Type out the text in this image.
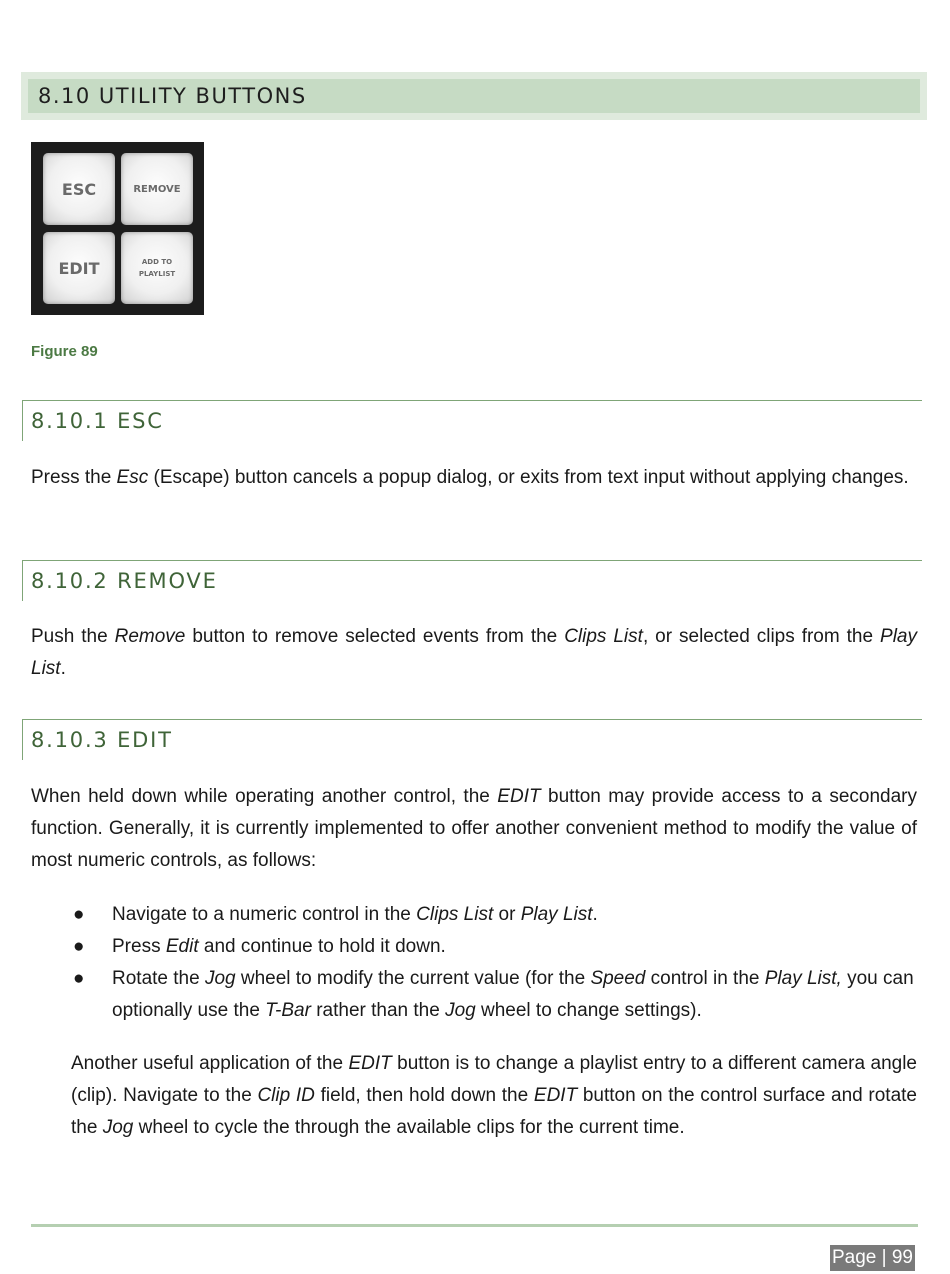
8.10 UTILITY BUTTONS
ESC	REMOVE
EDIT	ADD TO
PLAYLIST
Figure 89
8.10.1 ESC
Press the Esc (Escape) button cancels a popup dialog, or exits from text input without applying changes.
8.10.2 REMOVE
Push the Remove button to remove selected events from the Clips List, or selected clips from the Play List.
8.10.3 EDIT
When held down while operating another control, the EDIT button may provide access to a secondary function. Generally, it is currently implemented to offer another convenient method to modify the value of most numeric controls, as follows:
● Navigate to a numeric control in the Clips List or Play List.
● Press Edit and continue to hold it down.
● Rotate the Jog wheel to modify the current value (for the Speed control in the Play List, you can optionally use the T-Bar rather than the Jog wheel to change settings).
Another useful application of the EDIT button is to change a playlist entry to a different camera angle (clip). Navigate to the Clip ID field, then hold down the EDIT button on the control surface and rotate the Jog wheel to cycle the through the available clips for the current time.
Page | 99
